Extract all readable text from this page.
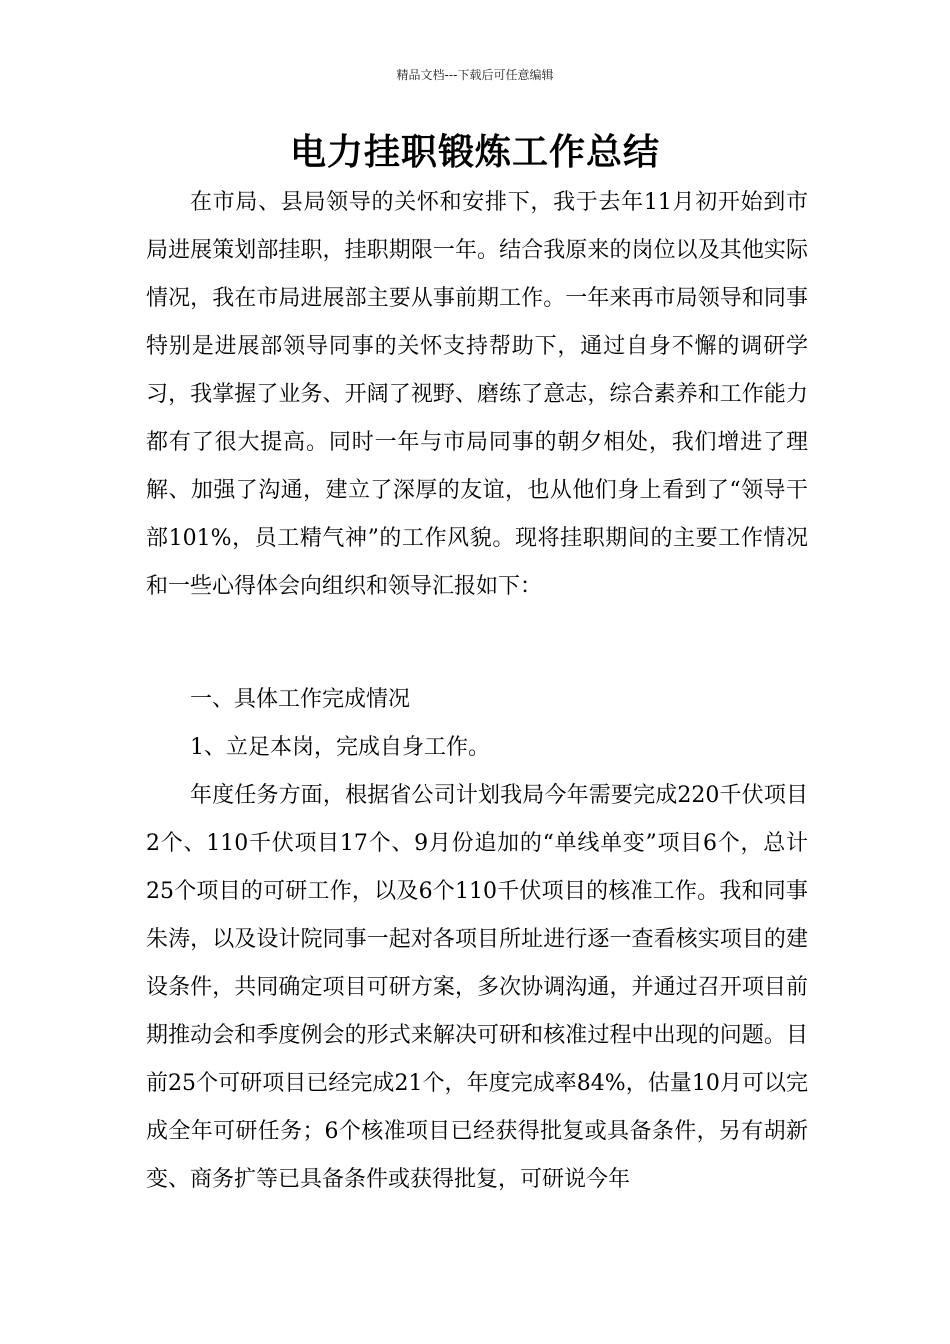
精品文档---下载后可任意编辑
电力挂职锻炼工作总结

在市局、县局领导的关怀和安排下，我于去年11月初开始到市局进展策划部挂职，挂职期限一年。结合我原来的岗位以及其他实际情况，我在市局进展部主要从事前期工作。一年来再市局领导和同事特别是进展部领导同事的关怀支持帮助下，通过自身不懈的调研学习，我掌握了业务、开阔了视野、磨练了意志，综合素养和工作能力都有了很大提高。同时一年与市局同事的朝夕相处，我们增进了理解、加强了沟通，建立了深厚的友谊，也从他们身上看到了“领导干部101%，员工精气神”的工作风貌。现将挂职期间的主要工作情况和一些心得体会向组织和领导汇报如下：

一、具体工作完成情况

1、立足本岗，完成自身工作。

年度任务方面，根据省公司计划我局今年需要完成220千伏项目2个、110千伏项目17个、9月份追加的“单线单变”项目6个，总计25个项目的可研工作，以及6个110千伏项目的核准工作。我和同事朱涛，以及设计院同事一起对各项目所址进行逐一查看核实项目的建设条件，共同确定项目可研方案，多次协调沟通，并通过召开项目前期推动会和季度例会的形式来解决可研和核准过程中出现的问题。目前25个可研项目已经完成21个，年度完成率84%，估量10月可以完成全年可研任务；6个核准项目已经获得批复或具备条件，另有胡新变、商务扩等已具备条件或获得批复，可研说今年
